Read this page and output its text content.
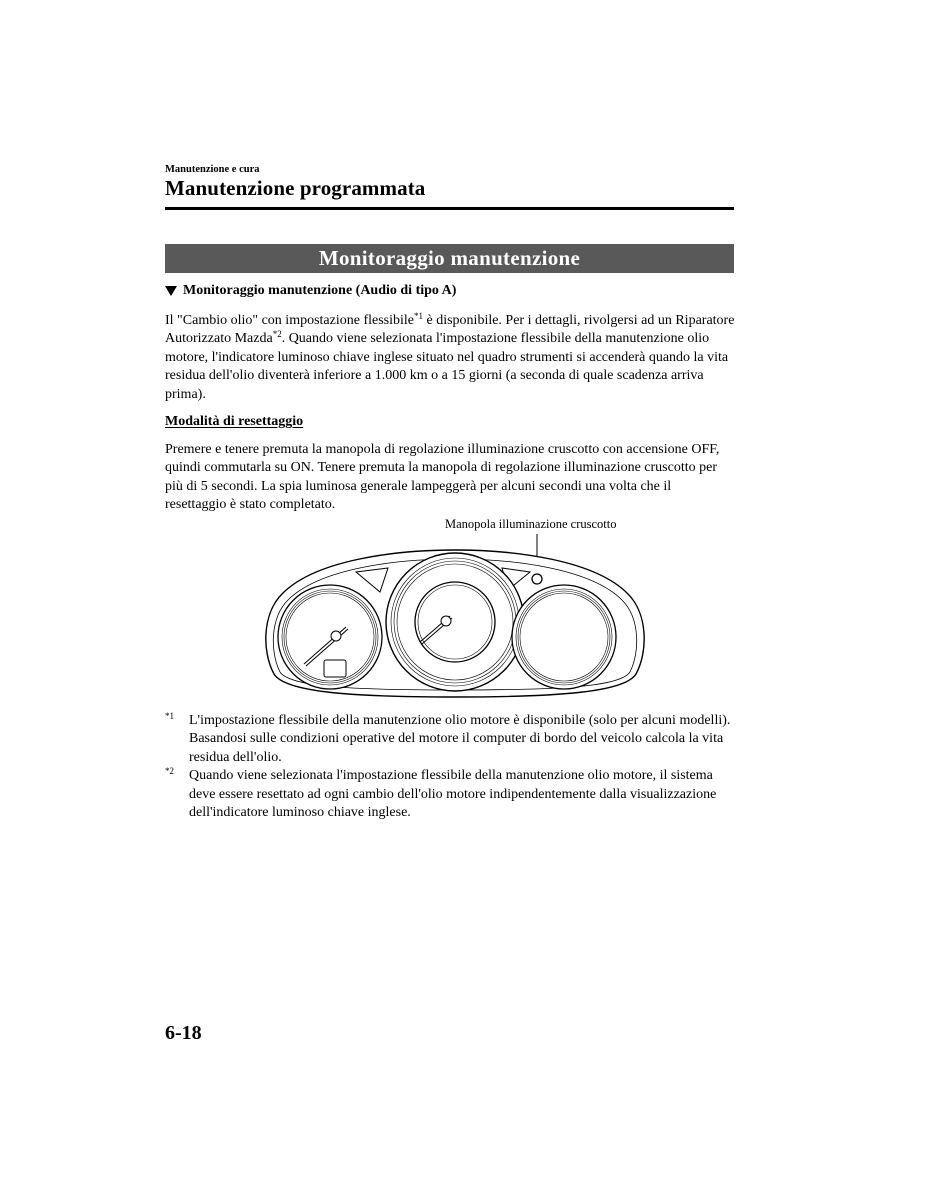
Manutenzione e cura
Manutenzione programmata
Monitoraggio manutenzione
Monitoraggio manutenzione (Audio di tipo A)
Il "Cambio olio" con impostazione flessibile$^{*1}$ è disponibile. Per i dettagli, rivolgersi ad un Riparatore Autorizzato Mazda$^{*2}$. Quando viene selezionata l'impostazione flessibile della manutenzione olio motore, l'indicatore luminoso chiave inglese situato nel quadro strumenti si accenderà quando la vita residua dell'olio diventerà inferiore a 1.000 km o a 15 giorni (a seconda di quale scadenza arriva prima).
Modalità di resettaggio
Premere e tenere premuta la manopola di regolazione illuminazione cruscotto con accensione OFF, quindi commutarla su ON. Tenere premuta la manopola di regolazione illuminazione cruscotto per più di 5 secondi. La spia luminosa generale lampeggerà per alcuni secondi una volta che il resettaggio è stato completato.
Manopola illuminazione cruscotto
$^{*1}$	L'impostazione flessibile della manutenzione olio motore è disponibile (solo per alcuni modelli). Basandosi sulle condizioni operative del motore il computer di bordo del veicolo calcola la vita residua dell'olio.
$^{*2}$	Quando viene selezionata l'impostazione flessibile della manutenzione olio motore, il sistema deve essere resettato ad ogni cambio dell'olio motore indipendentemente dalla visualizzazione dell'indicatore luminoso chiave inglese.
6-18
